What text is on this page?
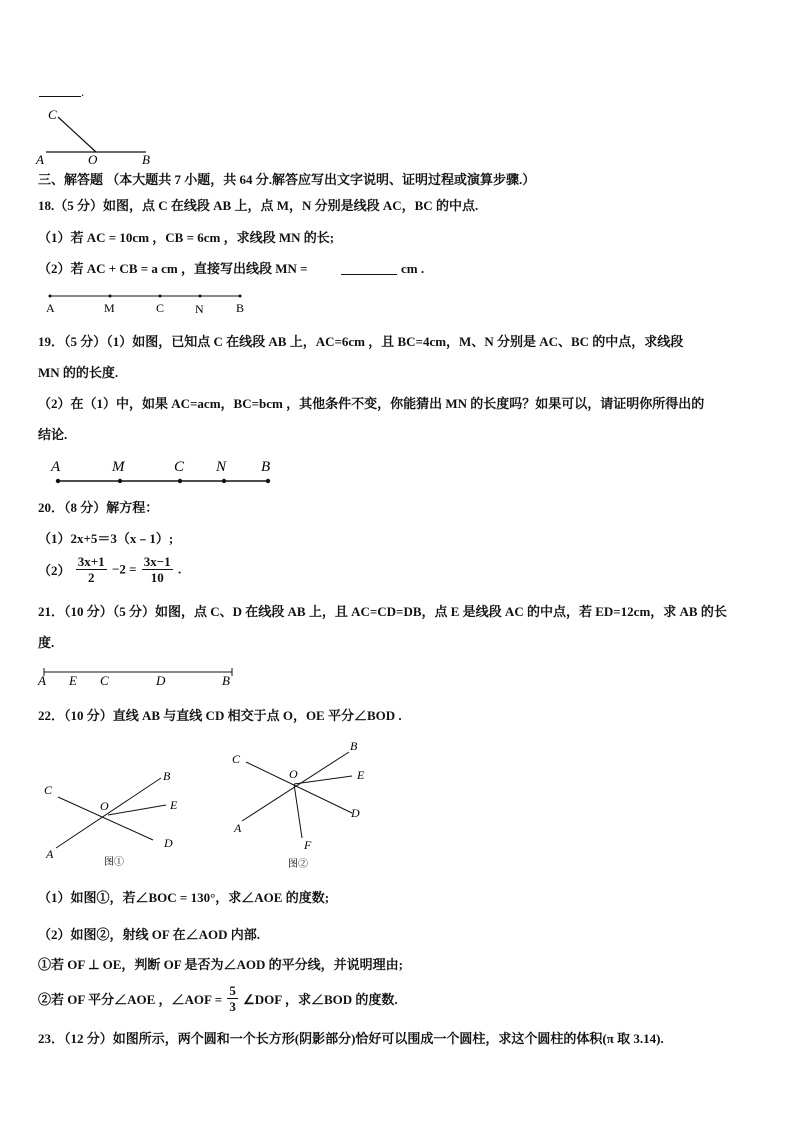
.
C
A	O	B
三、解答题 （本大题共 7 小题，共 64 分.解答应写出文字说明、证明过程或演算步骤.）
18.（5 分）如图，点 C 在线段 AB 上，点 M，N 分别是线段 AC，BC 的中点.
（1）若 AC = 10cm ，CB = 6cm ，求线段 MN 的长;
（2）若 AC + CB = a cm ，直接写出线段 MN =	cm .
A	M	C	N	B
19．（5 分）（1）如图，已知点 C 在线段 AB 上，AC=6cm ，且 BC=4cm，M、N 分别是 AC、BC 的中点，求线段
MN 的的长度.
（2）在（1）中，如果 AC=acm，BC=bcm ，其他条件不变，你能猜出 MN 的长度吗？如果可以，请证明你所得出的
结论.
A	M	C N B
20．（8 分）解方程：
（1）2x+5＝3（x﹣1）;
$(2) \frac{3x+1}{2} -2 = \frac{3x-1}{10}$ .
21．（10 分）（5 分）如图，点 C、D 在线段 AB 上，且 AC=CD=DB，点 E 是线段 AC 的中点，若 ED=12cm，求 AB 的长
度.
A E C	D	B
22．（10 分）直线 AB 与直线 CD 相交于点 O，OE 平分∠BOD .
C
B
O	E
A
D
图①
C
B
O	E
A
D
F
图②
（1）如图①，若∠BOC = 130°，求∠AOE 的度数;
（2）如图②，射线 OF 在∠AOD 内部.
①若 OF ⊥ OE，判断 OF 是否为∠AOD 的平分线，并说明理由;
②若 OF 平分∠AOE ，∠AOF = $\frac{5}{3}$ ∠DOF ，求∠BOD 的度数.
23．（12 分）如图所示，两个圆和一个长方形(阴影部分)恰好可以围成一个圆柱，求这个圆柱的体积(π 取 3.14).
